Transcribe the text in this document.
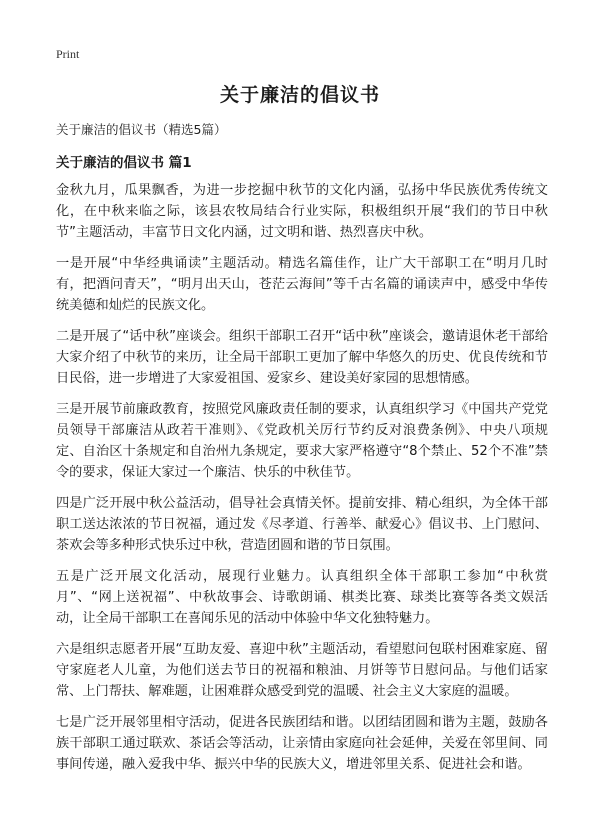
Print
关于廉洁的倡议书
关于廉洁的倡议书（精选5篇）
关于廉洁的倡议书 篇1

金秋九月，瓜果飘香，为进一步挖掘中秋节的文化内涵，弘扬中华民族优秀传统文化，在中秋来临之际，该县农牧局结合行业实际，积极组织开展“我们的节日中秋节”主题活动，丰富节日文化内涵，过文明和谐、热烈喜庆中秋。

一是开展“中华经典诵读”主题活动。精选名篇佳作，让广大干部职工在“明月几时有，把酒问青天”，“明月出天山，苍茫云海间”等千古名篇的诵读声中，感受中华传统美德和灿烂的民族文化。

二是开展了“话中秋”座谈会。组织干部职工召开“话中秋”座谈会，邀请退休老干部给大家介绍了中秋节的来历，让全局干部职工更加了解中华悠久的历史、优良传统和节日民俗，进一步增进了大家爱祖国、爱家乡、建设美好家园的思想情感。

三是开展节前廉政教育，按照党风廉政责任制的要求，认真组织学习《中国共产党党员领导干部廉洁从政若干准则》、《党政机关厉行节约反对浪费条例》、中央八项规定、自治区十条规定和自治州九条规定，要求大家严格遵守“8个禁止、52个不准”禁令的要求，保证大家过一个廉洁、快乐的中秋佳节。

四是广泛开展中秋公益活动，倡导社会真情关怀。提前安排、精心组织，为全体干部职工送达浓浓的节日祝福，通过发《尽孝道、行善举、献爱心》倡议书、上门慰问、茶欢会等多种形式快乐过中秋，营造团圆和谐的节日氛围。

五是广泛开展文化活动，展现行业魅力。认真组织全体干部职工参加“中秋赏月”、“网上送祝福”、中秋故事会、诗歌朗诵、棋类比赛、球类比赛等各类文娱活动，让全局干部职工在喜闻乐见的活动中体验中华文化独特魅力。

六是组织志愿者开展“互助友爱、喜迎中秋”主题活动，看望慰问包联村困难家庭、留守家庭老人儿童，为他们送去节日的祝福和粮油、月饼等节日慰问品。与他们话家常、上门帮扶、解难题，让困难群众感受到党的温暖、社会主义大家庭的温暖。

七是广泛开展邻里相守活动，促进各民族团结和谐。以团结团圆和谐为主题，鼓励各族干部职工通过联欢、茶话会等活动，让亲情由家庭向社会延伸，关爱在邻里间、同事间传递，融入爱我中华、振兴中华的民族大义，增进邻里关系、促进社会和谐。
